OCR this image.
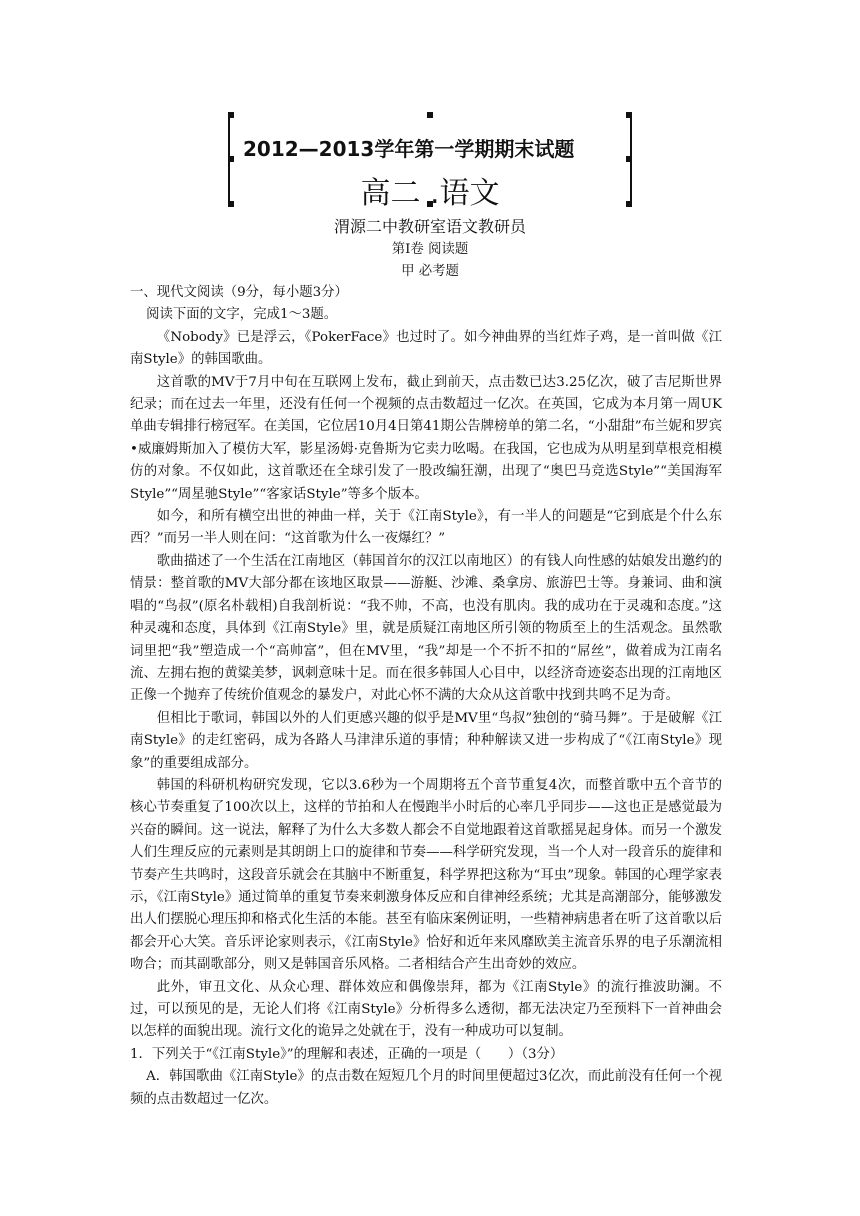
2012—2013学年第一学期期末试题
高二 .语文
渭源二中教研室语文教研员
第Ⅰ卷 阅读题
甲 必考题

一、现代文阅读（9分，每小题3分）

阅读下面的文字，完成1～3题。

《Nobody》已是浮云，《PokerFace》也过时了。如今神曲界的当红炸子鸡，是一首叫做《江南Style》的韩国歌曲。

这首歌的MV于7月中旬在互联网上发布，截止到前天，点击数已达3.25亿次，破了吉尼斯世界纪录；而在过去一年里，还没有任何一个视频的点击数超过一亿次。在英国，它成为本月第一周UK单曲专辑排行榜冠军。在美国，它位居10月4日第41期公告牌榜单的第二名，“小甜甜”布兰妮和罗宾•威廉姆斯加入了模仿大军，影星汤姆·克鲁斯为它卖力吆喝。在我国，它也成为从明星到草根竞相模仿的对象。不仅如此，这首歌还在全球引发了一股改编狂潮，出现了“奥巴马竞选Style”“美国海军Style”“周星驰Style”“客家话Style”等多个版本。

如今，和所有横空出世的神曲一样，关于《江南Style》，有一半人的问题是“它到底是个什么东西？”而另一半人则在问：“这首歌为什么一夜爆红？”

歌曲描述了一个生活在江南地区（韩国首尔的汉江以南地区）的有钱人向性感的姑娘发出邀约的情景：整首歌的MV大部分都在该地区取景——游艇、沙滩、桑拿房、旅游巴士等。身兼词、曲和演唱的“鸟叔”(原名朴载相)自我剖析说：“我不帅，不高，也没有肌肉。我的成功在于灵魂和态度。”这种灵魂和态度，具体到《江南Style》里，就是质疑江南地区所引领的物质至上的生活观念。虽然歌词里把“我”塑造成一个“高帅富”，但在MV里，“我”却是一个不折不扣的“屌丝”，做着成为江南名流、左拥右抱的黄粱美梦，讽刺意味十足。而在很多韩国人心目中，以经济奇迹姿态出现的江南地区正像一个抛弃了传统价值观念的暴发户，对此心怀不满的大众从这首歌中找到共鸣不足为奇。

但相比于歌词，韩国以外的人们更感兴趣的似乎是MV里“鸟叔”独创的“骑马舞”。于是破解《江南Style》的走红密码，成为各路人马津津乐道的事情；种种解读又进一步构成了“《江南Style》现象”的重要组成部分。

韩国的科研机构研究发现，它以3.6秒为一个周期将五个音节重复4次，而整首歌中五个音节的核心节奏重复了100次以上，这样的节拍和人在慢跑半小时后的心率几乎同步——这也正是感觉最为兴奋的瞬间。这一说法，解释了为什么大多数人都会不自觉地跟着这首歌摇晃起身体。而另一个激发人们生理反应的元素则是其朗朗上口的旋律和节奏——科学研究发现，当一个人对一段音乐的旋律和节奏产生共鸣时，这段音乐就会在其脑中不断重复，科学界把这称为“耳虫”现象。韩国的心理学家表示，《江南Style》通过简单的重复节奏来刺激身体反应和自律神经系统；尤其是高潮部分，能够激发出人们摆脱心理压抑和格式化生活的本能。甚至有临床案例证明，一些精神病患者在听了这首歌以后都会开心大笑。音乐评论家则表示，《江南Style》恰好和近年来风靡欧美主流音乐界的电子乐潮流相吻合；而其副歌部分，则又是韩国音乐风格。二者相结合产生出奇妙的效应。

此外，审丑文化、从众心理、群体效应和偶像崇拜，都为《江南Style》的流行推波助澜。不过，可以预见的是，无论人们将《江南Style》分析得多么透彻，都无法决定乃至预料下一首神曲会以怎样的面貌出现。流行文化的诡异之处就在于，没有一种成功可以复制。

1．下列关于“《江南Style》”的理解和表述，正确的一项是（　　）（3分）

A．韩国歌曲《江南Style》的点击数在短短几个月的时间里便超过3亿次，而此前没有任何一个视频的点击数超过一亿次。
